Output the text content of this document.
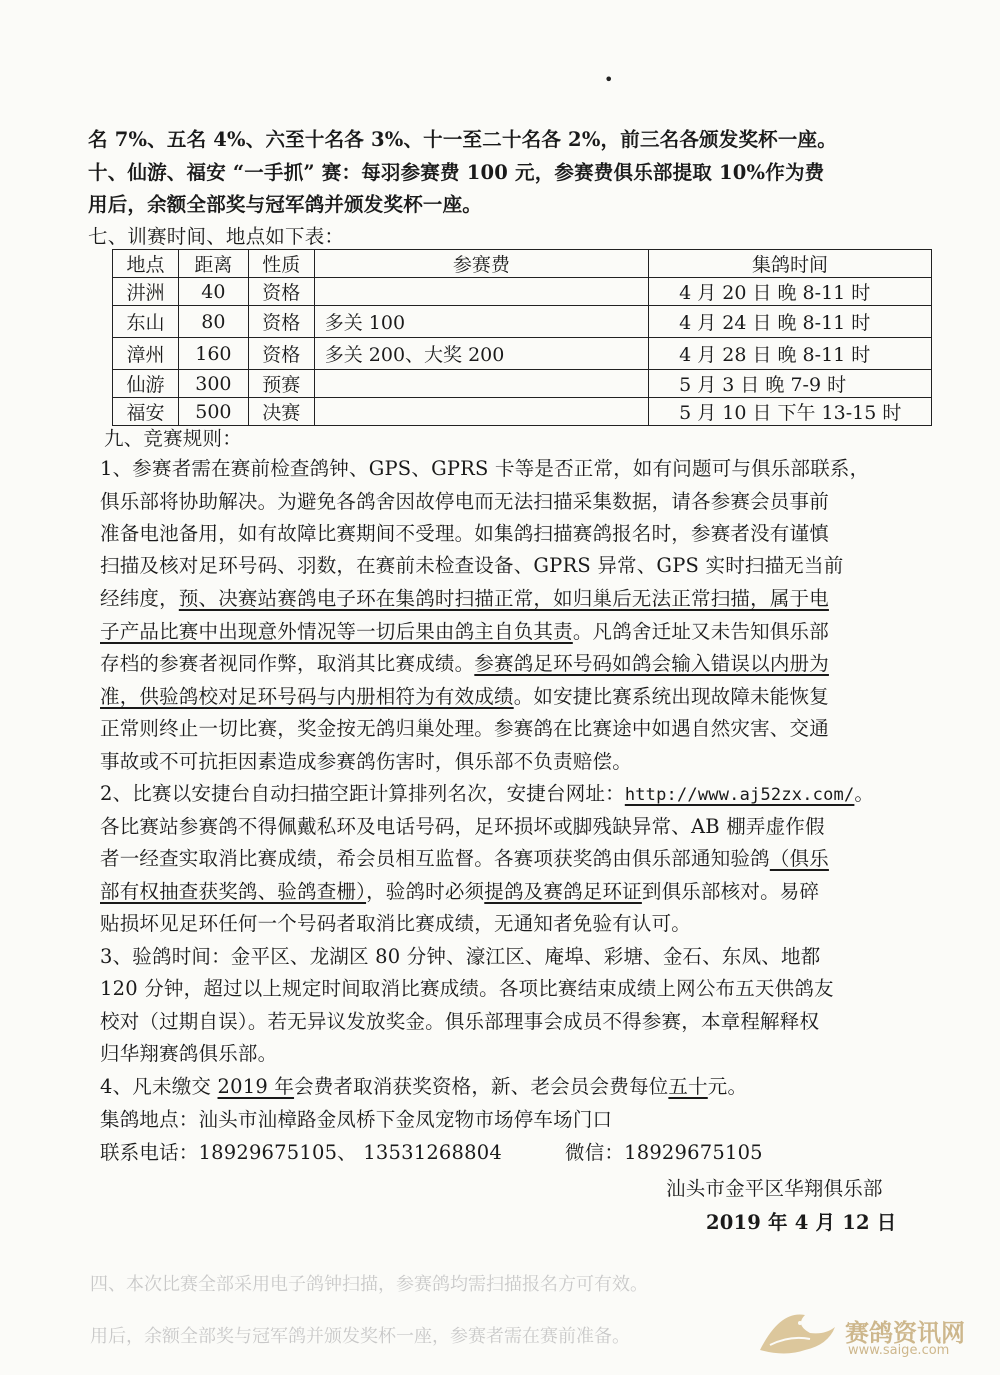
•
名 7%、五名 4%、六至十名各 3%、十一至二十名各 2%，前三名各颁发奖杯一座。
十、仙游、福安 “一手抓” 赛：每羽参赛费 100 元，参赛费俱乐部提取 10%作为费
用后，余额全部奖与冠军鸽并颁发奖杯一座。
七、训赛时间、地点如下表：
地点	距离	性质	参赛费	集鸽时间
汫洲	40	资格		4 月 20 日 晚 8-11 时
东山	80	资格	多关 100	4 月 24 日 晚 8-11 时
漳州	160	资格	多关 200、大奖 200	4 月 28 日 晚 8-11 时
仙游	300	预赛		5 月 3 日 晚 7-9 时
福安	500	决赛		5 月 10 日 下午 13-15 时
九、竞赛规则：
1、参赛者需在赛前检查鸽钟、GPS、GPRS 卡等是否正常，如有问题可与俱乐部联系，
俱乐部将协助解决。为避免各鸽舍因故停电而无法扫描采集数据，请各参赛会员事前
准备电池备用，如有故障比赛期间不受理。如集鸽扫描赛鸽报名时，参赛者没有谨慎
扫描及核对足环号码、羽数，在赛前未检查设备、GPRS 异常、GPS 实时扫描无当前
经纬度，预、决赛站赛鸽电子环在集鸽时扫描正常，如归巢后无法正常扫描，属于电
子产品比赛中出现意外情况等一切后果由鸽主自负其责。凡鸽舍迁址又未告知俱乐部
存档的参赛者视同作弊，取消其比赛成绩。参赛鸽足环号码如鸽会输入错误以内册为
准，供验鸽校对足环号码与内册相符为有效成绩。如安捷比赛系统出现故障未能恢复
正常则终止一切比赛，奖金按无鸽归巢处理。参赛鸽在比赛途中如遇自然灾害、交通
事故或不可抗拒因素造成参赛鸽伤害时，俱乐部不负责赔偿。
2、比赛以安捷台自动扫描空距计算排列名次，安捷台网址：http://www.aj52zx.com/。
各比赛站参赛鸽不得佩戴私环及电话号码，足环损坏或脚残缺异常、AB 棚弄虚作假
者一经查实取消比赛成绩，希会员相互监督。各赛项获奖鸽由俱乐部通知验鸽（俱乐
部有权抽查获奖鸽、验鸽查栅），验鸽时必须提鸽及赛鸽足环证到俱乐部核对。易碎
贴损坏见足环任何一个号码者取消比赛成绩，无通知者免验有认可。
3、验鸽时间：金平区、龙湖区 80 分钟、濠江区、庵埠、彩塘、金石、东凤、地都
120 分钟，超过以上规定时间取消比赛成绩。各项比赛结束成绩上网公布五天供鸽友
校对（过期自误）。若无异议发放奖金。俱乐部理事会成员不得参赛，本章程解释权
归华翔赛鸽俱乐部。
4、凡未缴交 2019 年会费者取消获奖资格，新、老会员会费每位五十元。
集鸽地点：汕头市汕樟路金凤桥下金凤宠物市场停车场门口
联系电话：18929675105、 13531268804	微信：18929675105
汕头市金平区华翔俱乐部
2019 年 4 月 12 日
四、本次比赛全部采用电子鸽钟扫描，参赛鸽均需扫描报名方可有效。
用后，余额全部奖与冠军鸽并颁发奖杯一座，参赛者需在赛前准备。	赛鸽资讯网
www.saige.com
